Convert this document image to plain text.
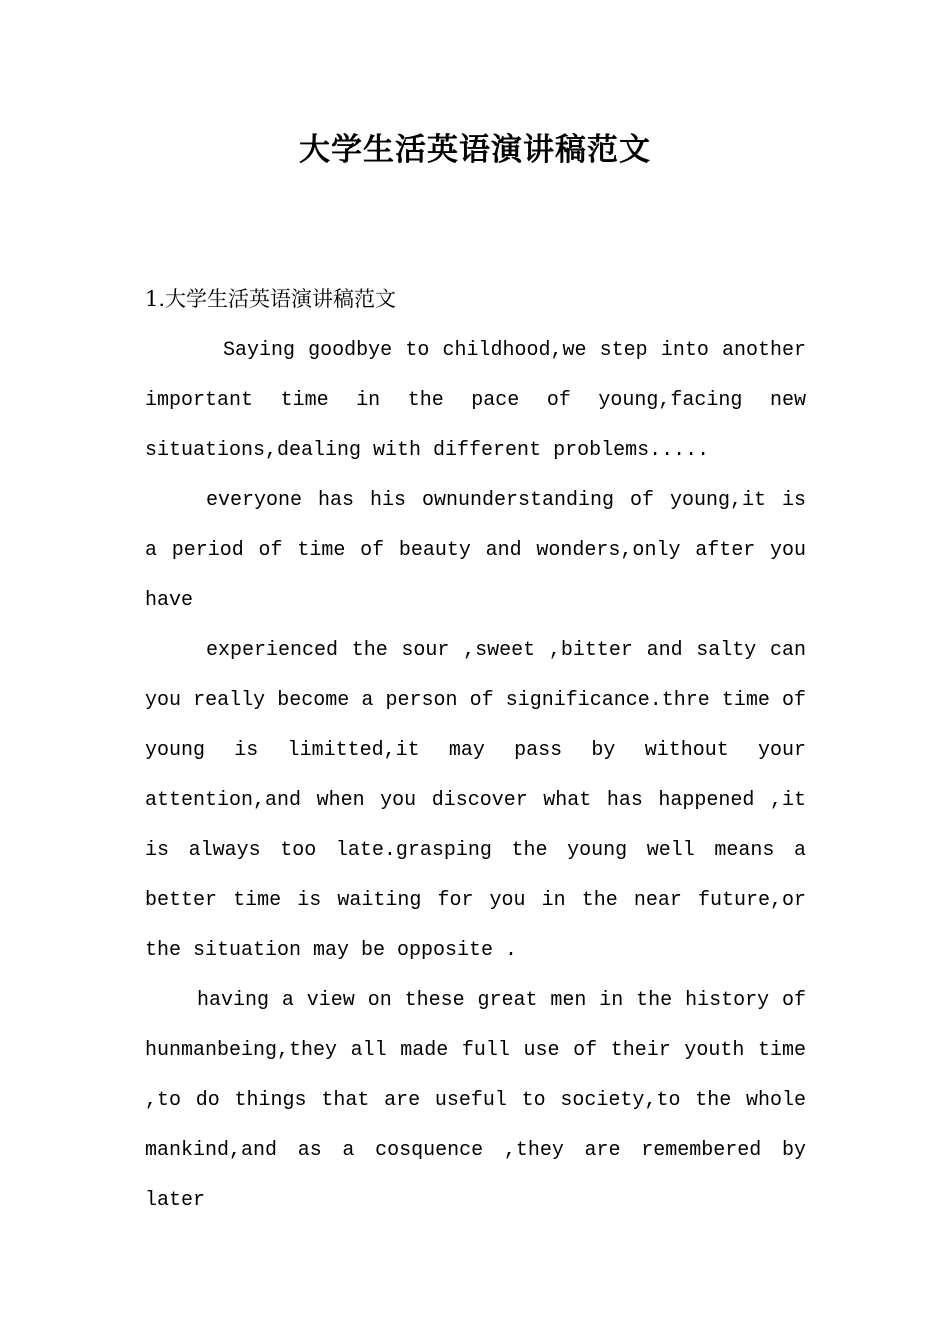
大学生活英语演讲稿范文
1.大学生活英语演讲稿范文

Saying goodbye to childhood,we step into another important time in the pace of young,facing new situations,dealing with different problems.....

everyone has his ownunderstanding of young,it is a period of time of beauty and wonders,only after you have

experienced the sour ,sweet ,bitter and salty can you really become a person of significance.thre time of young is limitted,it may pass by without your attention,and when you discover what has happened ,it is always too late.grasping the young well means a better time is waiting for you in the near future,or the situation may be opposite .

having a view on these great men in the history of hunmanbeing,they all made full use of their youth time ,to do things that are useful to society,to the whole mankind,and as a cosquence ,they are remembered by later
